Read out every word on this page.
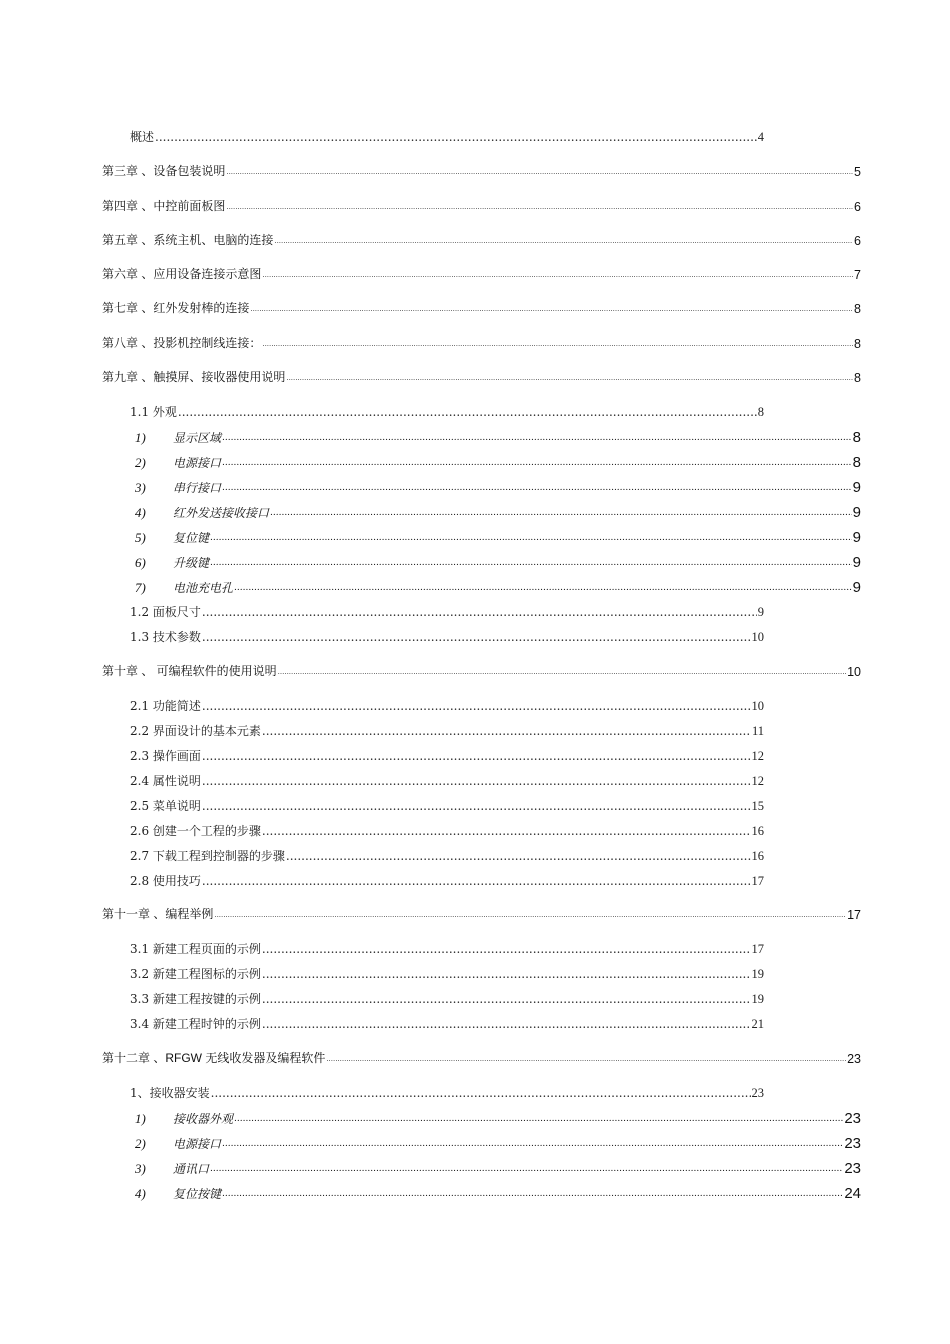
概述 .....	4
第三章 、设备包装说明 .....	5
第四章 、中控前面板图 .....	6
第五章 、系统主机、电脑的连接 .....	6
第六章 、应用设备连接示意图 .....	7
第七章 、红外发射棒的连接 .....	8
第八章 、投影机控制线连接： .....	8
第九章 、触摸屏、接收器使用说明 .....	8
1.1 外观 .....	8
1)	显示区域 .....	8
2)	电源接口 .....	8
3)	串行接口 .....	9
4)	红外发送接收接口 .....	9
5)	复位键 .....	9
6)	升级键 .....	9
7)	电池充电孔 .....	9
1.2 面板尺寸 .....	9
1.3 技术参数 .....	10
第十章 、 可编程软件的使用说明 .....	10
2.1 功能简述 .....	10
2.2 界面设计的基本元素 .....	11
2.3 操作画面 .....	12
2.4 属性说明 .....	12
2.5 菜单说明 .....	15
2.6 创建一个工程的步骤 .....	16
2.7 下载工程到控制器的步骤 .....	16
2.8 使用技巧 .....	17
第十一章 、编程举例 .....	17
3.1 新建工程页面的示例 .....	17
3.2 新建工程图标的示例 .....	19
3.3 新建工程按键的示例 .....	19
3.4 新建工程时钟的示例 .....	21
第十二章 、RFGW 无线收发器及编程软件 .....	23
1、接收器安装 .....	23
1)	接收器外观 .....	23
2)	电源接口 .....	23
3)	通讯口 .....	23
4)	复位按键 .....	24
